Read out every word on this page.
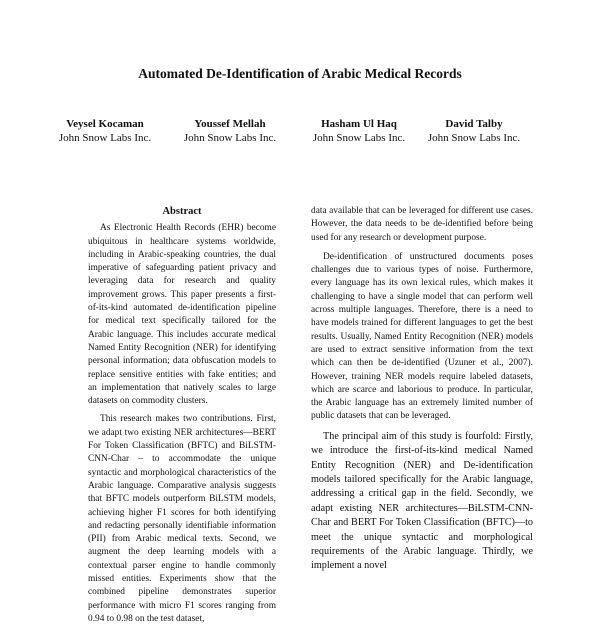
Automated De-Identification of Arabic Medical Records
Veysel Kocaman
John Snow Labs Inc.
Youssef Mellah
John Snow Labs Inc.
Hasham Ul Haq
John Snow Labs Inc.
David Talby
John Snow Labs Inc.
Abstract

As Electronic Health Records (EHR) become ubiquitous in healthcare systems worldwide, including in Arabic-speaking countries, the dual imperative of safeguarding patient privacy and leveraging data for research and quality improvement grows. This paper presents a first-of-its-kind automated de-identification pipeline for medical text specifically tailored for the Arabic language. This includes accurate medical Named Entity Recognition (NER) for identifying personal information; data obfuscation models to replace sensitive entities with fake entities; and an implementation that natively scales to large datasets on commodity clusters.

This research makes two contributions. First, we adapt two existing NER architectures—BERT For Token Classification (BFTC) and BiLSTM-CNN-Char – to accommodate the unique syntactic and morphological characteristics of the Arabic language. Comparative analysis suggests that BFTC models outperform BiLSTM models, achieving higher F1 scores for both identifying and redacting personally identifiable information (PII) from Arabic medical texts. Second, we augment the deep learning models with a contextual parser engine to handle commonly missed entities. Experiments show that the combined pipeline demonstrates superior performance with micro F1 scores ranging from 0.94 to 0.98 on the test dataset,

data available that can be leveraged for different use cases. However, the data needs to be de-identified before being used for any research or development purpose.

De-identification of unstructured documents poses challenges due to various types of noise. Furthermore, every language has its own lexical rules, which makes it challenging to have a single model that can perform well across multiple languages. Therefore, there is a need to have models trained for different languages to get the best results. Usually, Named Entity Recognition (NER) models are used to extract sensitive information from the text which can then be de-identified (Uzuner et al., 2007). However, training NER models require labeled datasets, which are scarce and laborious to produce. In particular, the Arabic language has an extremely limited number of public datasets that can be leveraged.

The principal aim of this study is fourfold: Firstly, we introduce the first-of-its-kind medical Named Entity Recognition (NER) and De-identification models tailored specifically for the Arabic language, addressing a critical gap in the field. Secondly, we adapt existing NER architectures—BiLSTM-CNN-Char and BERT For Token Classification (BFTC)—to meet the unique syntactic and morphological requirements of the Arabic language. Thirdly, we implement a novel
